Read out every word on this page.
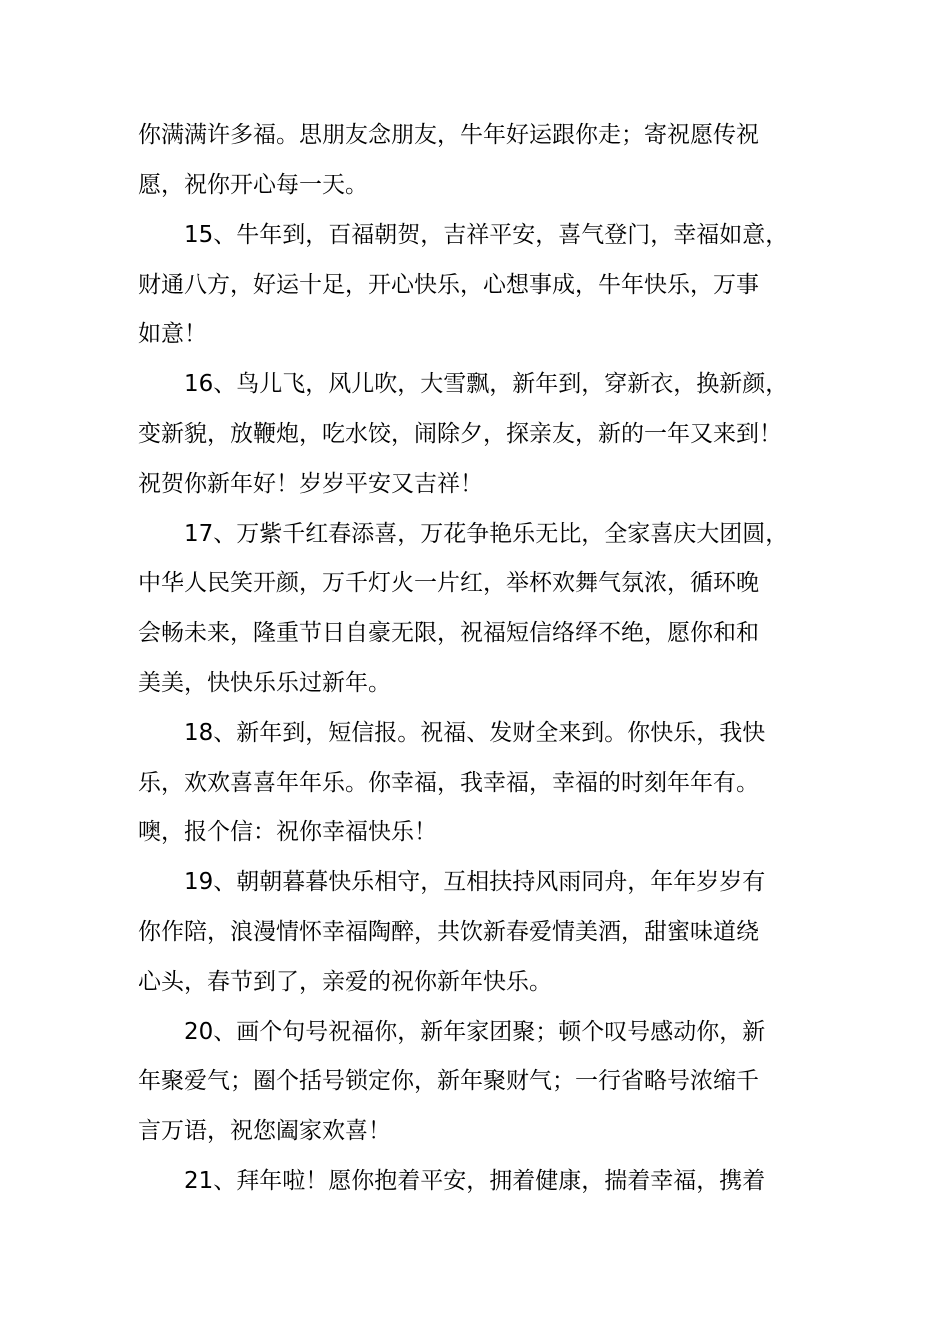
你满满许多福。思朋友念朋友，牛年好运跟你走；寄祝愿传祝
愿，祝你开心每一天。
　　15、牛年到，百福朝贺，吉祥平安，喜气登门，幸福如意，
财通八方，好运十足，开心快乐，心想事成，牛年快乐，万事
如意！
　　16、鸟儿飞，风儿吹，大雪飘，新年到，穿新衣，换新颜，
变新貌，放鞭炮，吃水饺，闹除夕，探亲友，新的一年又来到！
祝贺你新年好！岁岁平安又吉祥！
　　17、万紫千红春添喜，万花争艳乐无比，全家喜庆大团圆，
中华人民笑开颜，万千灯火一片红，举杯欢舞气氛浓，循环晚
会畅未来，隆重节日自豪无限，祝福短信络绎不绝，愿你和和
美美，快快乐乐过新年。
　　18、新年到，短信报。祝福、发财全来到。你快乐，我快
乐，欢欢喜喜年年乐。你幸福，我幸福，幸福的时刻年年有。
噢，报个信：祝你幸福快乐！
　　19、朝朝暮暮快乐相守，互相扶持风雨同舟，年年岁岁有
你作陪，浪漫情怀幸福陶醉，共饮新春爱情美酒，甜蜜味道绕
心头，春节到了，亲爱的祝你新年快乐。
　　20、画个句号祝福你，新年家团聚；顿个叹号感动你，新
年聚爱气；圈个括号锁定你，新年聚财气；一行省略号浓缩千
言万语，祝您阖家欢喜！
　　21、拜年啦！愿你抱着平安，拥着健康，揣着幸福，携着
